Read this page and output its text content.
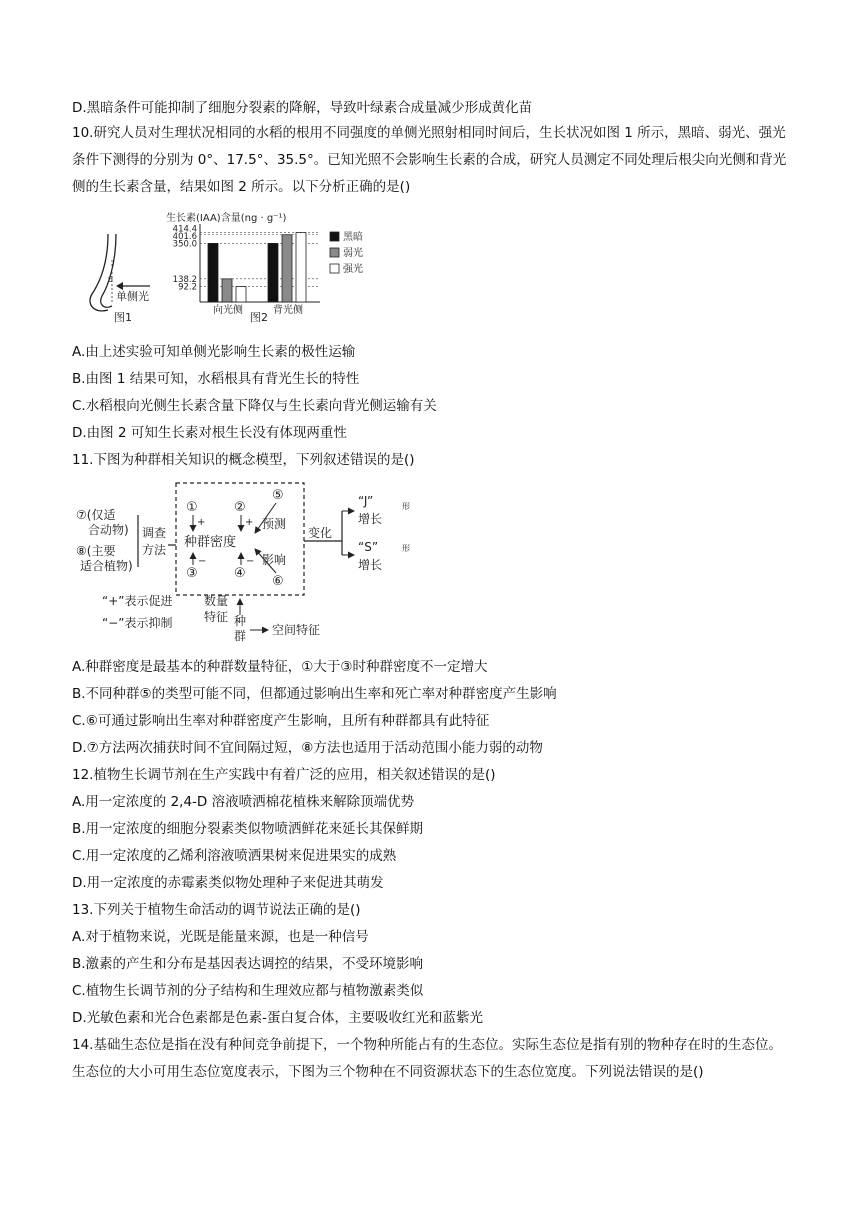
D.黑暗条件可能抑制了细胞分裂素的降解，导致叶绿素合成量减少形成黄化苗
10.研究人员对生理状况相同的水稻的根用不同强度的单侧光照射相同时间后，生长状况如图 1 所示，黑暗、弱光、强光条件下测得的分别为 0°、17.5°、35.5°。已知光照不会影响生长素的合成，研究人员测定不同处理后根尖向光侧和背光侧的生长素含量，结果如图 2 所示。以下分析正确的是()
θ
单侧光
图1
生长素(IAA)含量(ng · g⁻¹)
图2
92.2
138.2
350.0
401.6
414.4
向光侧	背光侧
黑暗
弱光
强光
A.由上述实验可知单侧光影响生长素的极性运输
B.由图 1 结果可知，水稻根具有背光生长的特性
C.水稻根向光侧生长素含量下降仅与生长素向背光侧运输有关
D.由图 2 可知生长素对根生长没有体现两重性
11.下图为种群相关知识的概念模型，下列叙述错误的是()
⑦(仅适
合动物)
⑧(主要
适合植物)
调查
方法
①	②
③	④
⑤
⑥
+	+
种群密度
−	−
预测
影响
变化
“J”	形
增长
“S”	形
增长
“+”表示促进
“−”表示抑制
数量
特征 种
群 空间特征
A.种群密度是最基本的种群数量特征，①大于③时种群密度不一定增大
B.不同种群⑤的类型可能不同，但都通过影响出生率和死亡率对种群密度产生影响
C.⑥可通过影响出生率对种群密度产生影响，且所有种群都具有此特征
D.⑦方法两次捕获时间不宜间隔过短，⑧方法也适用于活动范围小能力弱的动物
12.植物生长调节剂在生产实践中有着广泛的应用，相关叙述错误的是()
A.用一定浓度的 2,4-D 溶液喷洒棉花植株来解除顶端优势
B.用一定浓度的细胞分裂素类似物喷洒鲜花来延长其保鲜期
C.用一定浓度的乙烯利溶液喷洒果树来促进果实的成熟
D.用一定浓度的赤霉素类似物处理种子来促进其萌发
13.下列关于植物生命活动的调节说法正确的是()
A.对于植物来说，光既是能量来源，也是一种信号
B.激素的产生和分布是基因表达调控的结果，不受环境影响
C.植物生长调节剂的分子结构和生理效应都与植物激素类似
D.光敏色素和光合色素都是色素-蛋白复合体，主要吸收红光和蓝紫光
14.基础生态位是指在没有种间竞争前提下，一个物种所能占有的生态位。实际生态位是指有别的物种存在时的生态位。生态位的大小可用生态位宽度表示，下图为三个物种在不同资源状态下的生态位宽度。下列说法错误的是()
